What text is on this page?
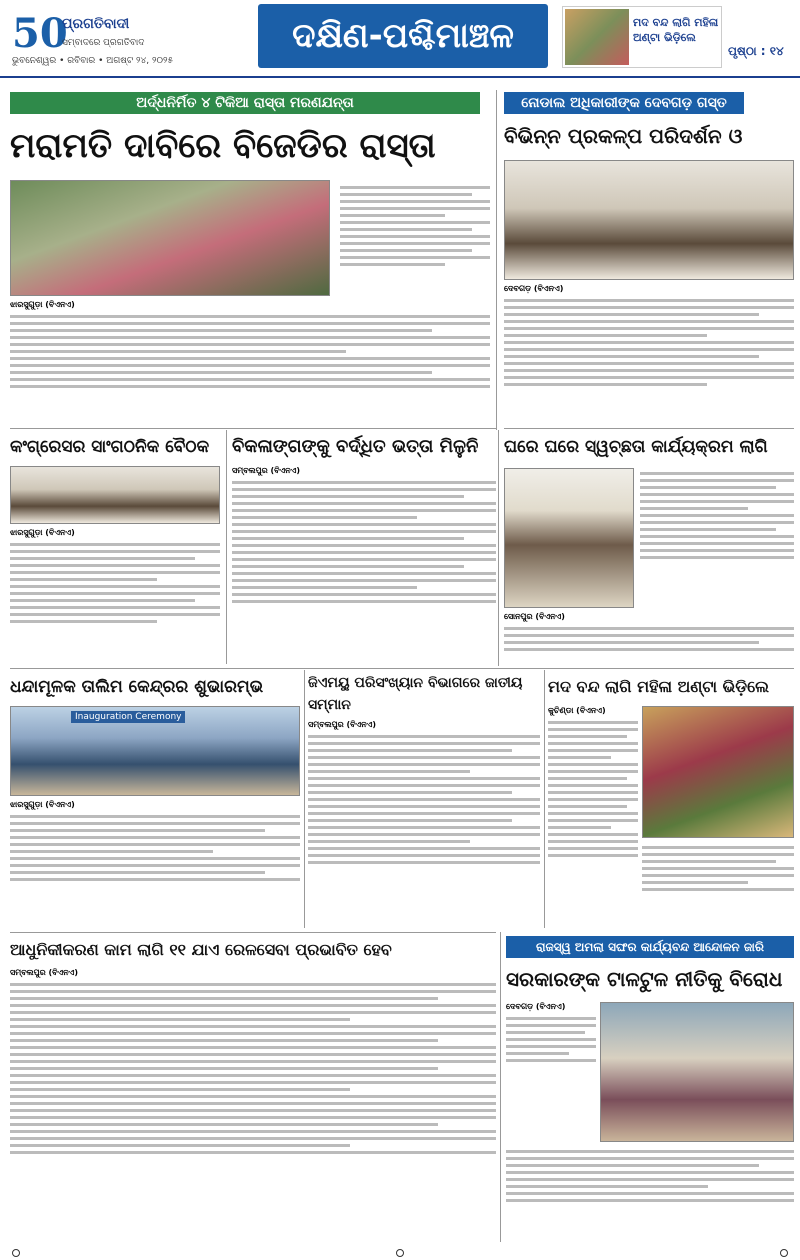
50
ପ୍ରଗତିବାଦୀ
ସମ୍ବାଦରେ ପ୍ରଗତିବାଦ
ଭୁବନେଶ୍ୱର • ରବିବାର • ଅଗଷ୍ଟ ୨୪, ୨୦୨୫
ଦକ୍ଷିଣ-ପଶ୍ଚିମାଞ୍ଚଳ	ମଦ ବନ୍ଦ ଲାଗି ମହିଳା ଅଣ୍ଟା ଭିଡ଼ିଲେ
ପୃଷ୍ଠା : ୧୪
ଅର୍ଦ୍ଧନିର୍ମିତ ୪ ଟିକିଆ ରାସ୍ତା ମରଣଯନ୍ତା
ମରାମତି ଦାବିରେ ବିଜେଡିର ରାସ୍ତା
ଝାରସୁଗୁଡ଼ା (ବିଏନଏ)
ନୋଡାଲ ଅଧିକାରୀଙ୍କ ଦେବଗଡ଼ ଗସ୍ତ
ବିଭିନ୍ନ ପ୍ରକଳ୍ପ ପରିଦର୍ଶନ ଓ
ଦେବଗଡ଼ (ବିଏନଏ)
ଘରେ ଘରେ ସ୍ୱଚ୍ଛତା କାର୍ଯ୍ୟକ୍ରମ ଲାଗି
ସୋନପୁର (ବିଏନଏ)
କଂଗ୍ରେସର ସାଂଗଠନିକ ବୈଠକ
ଝାରସୁଗୁଡ଼ା (ବିଏନଏ)
ବିକଳାଙ୍ଗଙ୍କୁ ବର୍ଦ୍ଧିତ ଭତ୍ତା ମିଳୁନି
ସମ୍ବଲପୁର (ବିଏନଏ)
ଧନ୍ଦାମୂଳକ ତାଲିମ କେନ୍ଦ୍ରର ଶୁଭାରମ୍ଭ
Inauguration Ceremony
ଝାରସୁଗୁଡ଼ା (ବିଏନଏ)
ଜିଏମୟୁ ପରିସଂଖ୍ୟାନ ବିଭାଗରେ ଜାତୀୟ ସମ୍ମାନ
ସମ୍ବଲପୁର (ବିଏନଏ)
ମଦ ବନ୍ଦ ଲାଗି ମହିଳା ଅଣ୍ଟା ଭିଡ଼ିଲେ
କୁଚିଣ୍ଡା (ବିଏନଏ)
ଆଧୁନିକୀକରଣ କାମ ଲାଗି ୧୧ ଯାଏ ରେଳସେବା ପ୍ରଭାବିତ ହେବ
ସମ୍ବଲପୁର (ବିଏନଏ)
ରାଜସ୍ୱ ଅମଲା ସଙ୍ଘର କାର୍ଯ୍ୟବନ୍ଦ ଆନ୍ଦୋଳନ ଜାରି
ସରକାରଙ୍କ ଟାଳଟୁଳ ନୀତିକୁ ବିରୋଧ
ଦେବଗଡ଼ (ବିଏନଏ)
